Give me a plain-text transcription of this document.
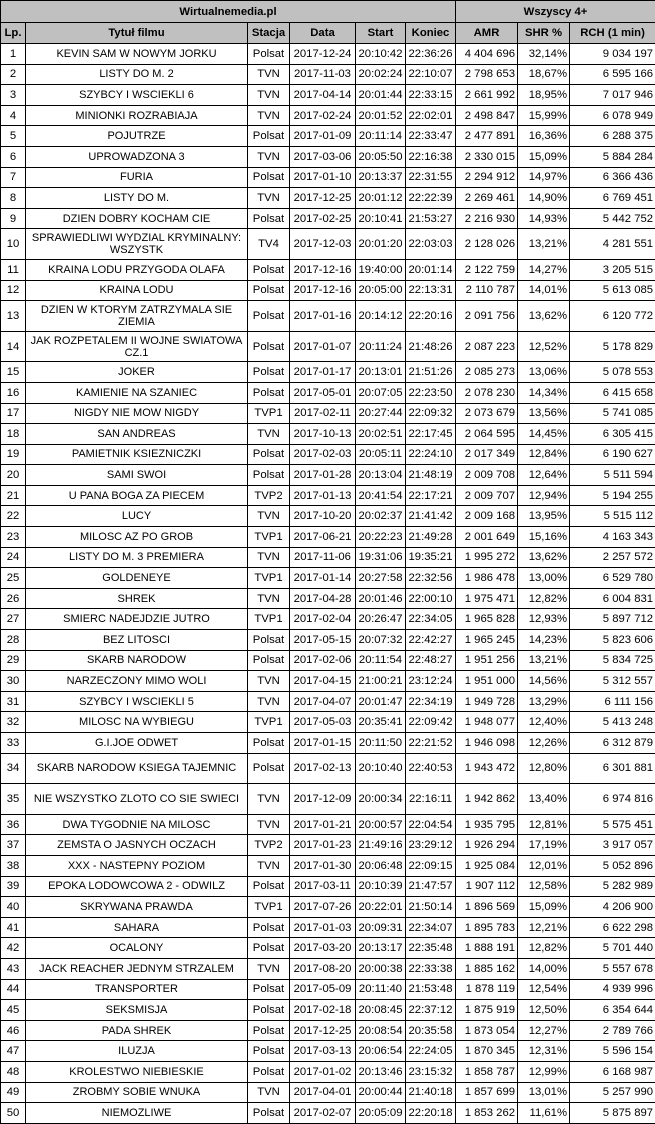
Wirtualnemedia.pl						Wszyscy 4+		
Lp.	Tytuł filmu	Stacja	Data	Start	Koniec	AMR	SHR %	RCH (1 min)
1	KEVIN SAM W NOWYM JORKU	Polsat	2017-12-24	20:10:42	22:36:26	4 404 696	32,14%	9 034 197
2	LISTY DO M. 2	TVN	2017-11-03	20:02:24	22:10:07	2 798 653	18,67%	6 595 166
3	SZYBCY I WSCIEKLI 6	TVN	2017-04-14	20:01:44	22:33:15	2 661 992	18,95%	7 017 946
4	MINIONKI ROZRABIAJA	TVN	2017-02-24	20:01:52	22:02:01	2 498 847	15,99%	6 078 949
5	POJUTRZE	Polsat	2017-01-09	20:11:14	22:33:47	2 477 891	16,36%	6 288 375
6	UPROWADZONA 3	TVN	2017-03-06	20:05:50	22:16:38	2 330 015	15,09%	5 884 284
7	FURIA	Polsat	2017-01-10	20:13:37	22:31:55	2 294 912	14,97%	6 366 436
8	LISTY DO M.	TVN	2017-12-25	20:01:12	22:22:39	2 269 461	14,90%	6 769 451
9	DZIEN DOBRY KOCHAM CIE	Polsat	2017-02-25	20:10:41	21:53:27	2 216 930	14,93%	5 442 752
10	SPRAWIEDLIWI WYDZIAL KRYMINALNY: WSZYSTK	TV4	2017-12-03	20:01:20	22:03:03	2 128 026	13,21%	4 281 551
11	KRAINA LODU PRZYGODA OLAFA	Polsat	2017-12-16	19:40:00	20:01:14	2 122 759	14,27%	3 205 515
12	KRAINA LODU	Polsat	2017-12-16	20:05:00	22:13:31	2 110 787	14,01%	5 613 085
13	DZIEN W KTORYM ZATRZYMALA SIE ZIEMIA	Polsat	2017-01-16	20:14:12	22:20:16	2 091 756	13,62%	6 120 772
14	JAK ROZPETALEM II WOJNE SWIATOWA CZ.1	Polsat	2017-01-07	20:11:24	21:48:26	2 087 223	12,52%	5 178 829
15	JOKER	Polsat	2017-01-17	20:13:01	21:51:26	2 085 273	13,06%	5 078 553
16	KAMIENIE NA SZANIEC	Polsat	2017-05-01	20:07:05	22:23:50	2 078 230	14,34%	6 415 658
17	NIGDY NIE MOW NIGDY	TVP1	2017-02-11	20:27:44	22:09:32	2 073 679	13,56%	5 741 085
18	SAN ANDREAS	TVN	2017-10-13	20:02:51	22:17:45	2 064 595	14,45%	6 305 415
19	PAMIETNIK KSIEZNICZKI	Polsat	2017-02-03	20:05:11	22:24:10	2 017 349	12,84%	6 190 627
20	SAMI SWOI	Polsat	2017-01-28	20:13:04	21:48:19	2 009 708	12,64%	5 511 594
21	U PANA BOGA ZA PIECEM	TVP2	2017-01-13	20:41:54	22:17:21	2 009 707	12,94%	5 194 255
22	LUCY	TVN	2017-10-20	20:02:37	21:41:42	2 009 168	13,95%	5 515 112
23	MILOSC AZ PO GROB	TVP1	2017-06-21	20:22:23	21:49:28	2 001 649	15,16%	4 163 343
24	LISTY DO M. 3 PREMIERA	TVN	2017-11-06	19:31:06	19:35:21	1 995 272	13,62%	2 257 572
25	GOLDENEYE	TVP1	2017-01-14	20:27:58	22:32:56	1 986 478	13,00%	6 529 780
26	SHREK	TVN	2017-04-28	20:01:46	22:00:10	1 975 471	12,82%	6 004 831
27	SMIERC NADEJDZIE JUTRO	TVP1	2017-02-04	20:26:47	22:34:05	1 965 828	12,93%	5 897 712
28	BEZ LITOSCI	Polsat	2017-05-15	20:07:32	22:42:27	1 965 245	14,23%	5 823 606
29	SKARB NARODOW	Polsat	2017-02-06	20:11:54	22:48:27	1 951 256	13,21%	5 834 725
30	NARZECZONY MIMO WOLI	TVN	2017-04-15	21:00:21	23:12:24	1 951 000	14,56%	5 312 557
31	SZYBCY I WSCIEKLI 5	TVN	2017-04-07	20:01:47	22:34:19	1 949 728	13,29%	6 111 156
32	MILOSC NA WYBIEGU	TVP1	2017-05-03	20:35:41	22:09:42	1 948 077	12,40%	5 413 248
33	G.I.JOE ODWET	Polsat	2017-01-15	20:11:50	22:21:52	1 946 098	12,26%	6 312 879
34	SKARB NARODOW KSIEGA TAJEMNIC	Polsat	2017-02-13	20:10:40	22:40:53	1 943 472	12,80%	6 301 881
35	NIE WSZYSTKO ZLOTO CO SIE SWIECI	TVN	2017-12-09	20:00:34	22:16:11	1 942 862	13,40%	6 974 816
36	DWA TYGODNIE NA MILOSC	TVN	2017-01-21	20:00:57	22:04:54	1 935 795	12,81%	5 575 451
37	ZEMSTA O JASNYCH OCZACH	TVP2	2017-01-23	21:49:16	23:29:12	1 926 294	17,19%	3 917 057
38	XXX - NASTEPNY POZIOM	TVN	2017-01-30	20:06:48	22:09:15	1 925 084	12,01%	5 052 896
39	EPOKA LODOWCOWA 2 - ODWILZ	Polsat	2017-03-11	20:10:39	21:47:57	1 907 112	12,58%	5 282 989
40	SKRYWANA PRAWDA	TVP1	2017-07-26	20:22:01	21:50:14	1 896 569	15,09%	4 206 900
41	SAHARA	Polsat	2017-01-03	20:09:31	22:34:07	1 895 783	12,21%	6 622 298
42	OCALONY	Polsat	2017-03-20	20:13:17	22:35:48	1 888 191	12,82%	5 701 440
43	JACK REACHER JEDNYM STRZALEM	TVN	2017-08-20	20:00:38	22:33:38	1 885 162	14,00%	5 557 678
44	TRANSPORTER	Polsat	2017-05-09	20:11:40	21:53:48	1 878 119	12,54%	4 939 996
45	SEKSMISJA	Polsat	2017-02-18	20:08:45	22:37:12	1 875 919	12,50%	6 354 644
46	PADA SHREK	Polsat	2017-12-25	20:08:54	20:35:58	1 873 054	12,27%	2 789 766
47	ILUZJA	Polsat	2017-03-13	20:06:54	22:24:05	1 870 345	12,31%	5 596 154
48	KROLESTWO NIEBIESKIE	Polsat	2017-01-02	20:13:46	23:15:32	1 858 787	12,99%	6 168 987
49	ZROBMY SOBIE WNUKA	TVN	2017-04-01	20:00:44	21:40:18	1 857 699	13,01%	5 257 990
50	NIEMOZLIWE	Polsat	2017-02-07	20:05:09	22:20:18	1 853 262	11,61%	5 875 897
